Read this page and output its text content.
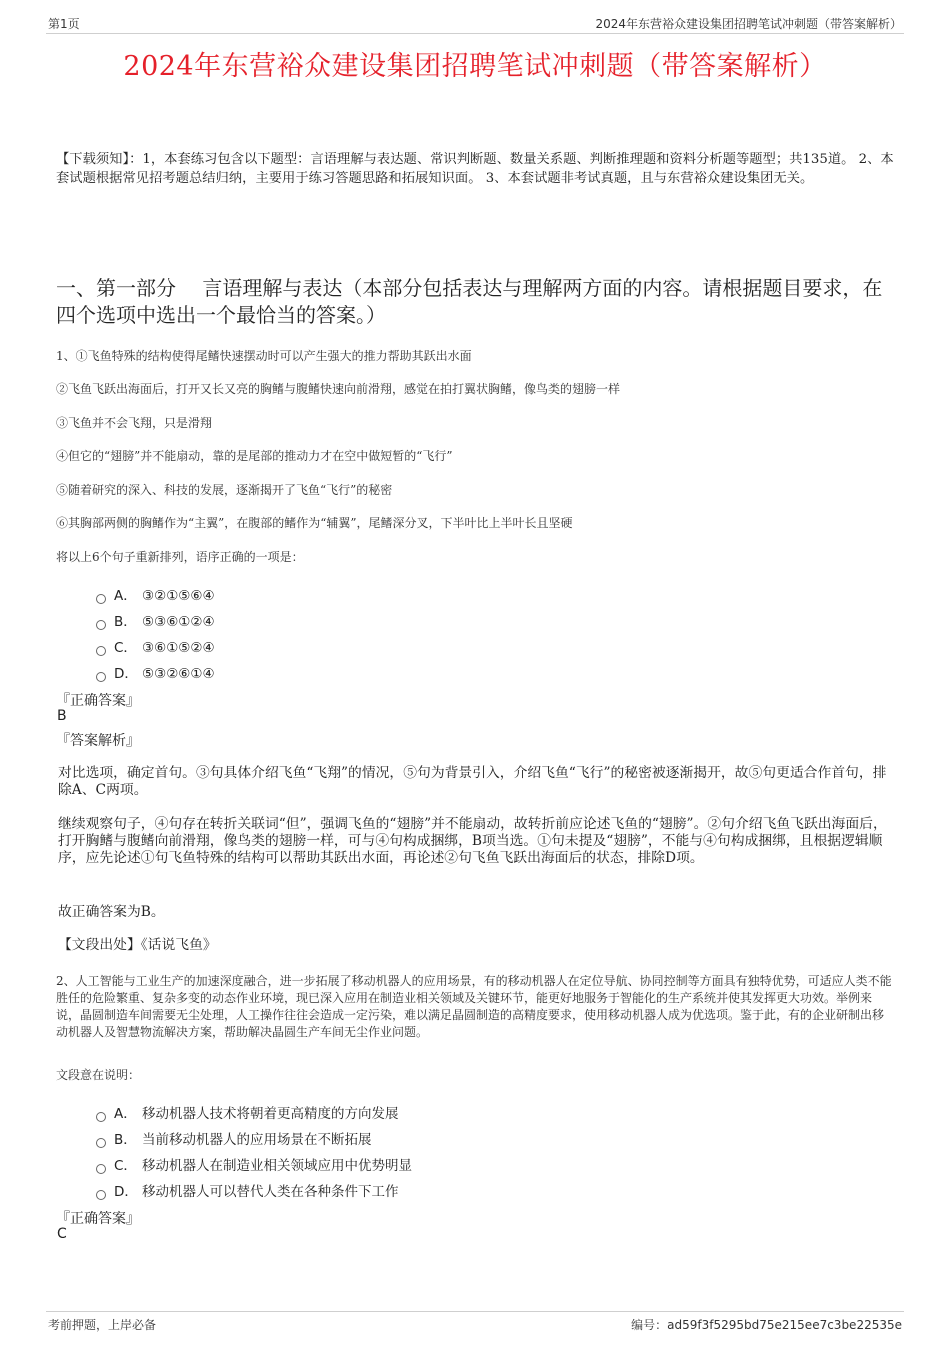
第1页	2024年东营裕众建设集团招聘笔试冲刺题（带答案解析）
2024年东营裕众建设集团招聘笔试冲刺题（带答案解析）
【下载须知】：1，本套练习包含以下题型：言语理解与表达题、常识判断题、数量关系题、判断推理题和资料分析题等题型；共135道。 2、本套试题根据常见招考题总结归纳，主要用于练习答题思路和拓展知识面。 3、本套试题非考试真题，且与东营裕众建设集团无关。
一、第一部分　 言语理解与表达（本部分包括表达与理解两方面的内容。请根据题目要求，在四个选项中选出一个最恰当的答案。）
1、①飞鱼特殊的结构使得尾鳍快速摆动时可以产生强大的推力帮助其跃出水面
②飞鱼飞跃出海面后，打开又长又亮的胸鳍与腹鳍快速向前滑翔，感觉在拍打翼状胸鳍，像鸟类的翅膀一样
③飞鱼并不会飞翔，只是滑翔
④但它的“翅膀”并不能扇动，靠的是尾部的推动力才在空中做短暂的“飞行”
⑤随着研究的深入、科技的发展，逐渐揭开了飞鱼“飞行”的秘密
⑥其胸部两侧的胸鳍作为“主翼”，在腹部的鳍作为“辅翼”，尾鳍深分叉，下半叶比上半叶长且坚硬
将以上6个句子重新排列，语序正确的一项是：
A． ③②①⑤⑥④
B． ⑤③⑥①②④
C． ③⑥①⑤②④
D． ⑤③②⑥①④
『正确答案』
B
『答案解析』
对比选项，确定首句。③句具体介绍飞鱼“飞翔”的情况，⑤句为背景引入，介绍飞鱼“飞行”的秘密被逐渐揭开，故⑤句更适合作首句，排除A、C两项。
继续观察句子，④句存在转折关联词“但”，强调飞鱼的“翅膀”并不能扇动，故转折前应论述飞鱼的“翅膀”。②句介绍飞鱼飞跃出海面后，打开胸鳍与腹鳍向前滑翔，像鸟类的翅膀一样，可与④句构成捆绑，B项当选。①句未提及“翅膀”，不能与④句构成捆绑，且根据逻辑顺序，应先论述①句飞鱼特殊的结构可以帮助其跃出水面，再论述②句飞鱼飞跃出海面后的状态，排除D项。
故正确答案为B。
【文段出处】《话说飞鱼》
2、人工智能与工业生产的加速深度融合，进一步拓展了移动机器人的应用场景，有的移动机器人在定位导航、协同控制等方面具有独特优势，可适应人类不能胜任的危险繁重、复杂多变的动态作业环境，现已深入应用在制造业相关领域及关键环节，能更好地服务于智能化的生产系统并使其发挥更大功效。举例来说，晶圆制造车间需要无尘处理，人工操作往往会造成一定污染，难以满足晶圆制造的高精度要求，使用移动机器人成为优选项。鉴于此，有的企业研制出移动机器人及智慧物流解决方案，帮助解决晶圆生产车间无尘作业问题。
文段意在说明：
A． 移动机器人技术将朝着更高精度的方向发展
B． 当前移动机器人的应用场景在不断拓展
C． 移动机器人在制造业相关领域应用中优势明显
D． 移动机器人可以替代人类在各种条件下工作
『正确答案』
C
考前押题，上岸必备	编号：ad59f3f5295bd75e215ee7c3be22535e
